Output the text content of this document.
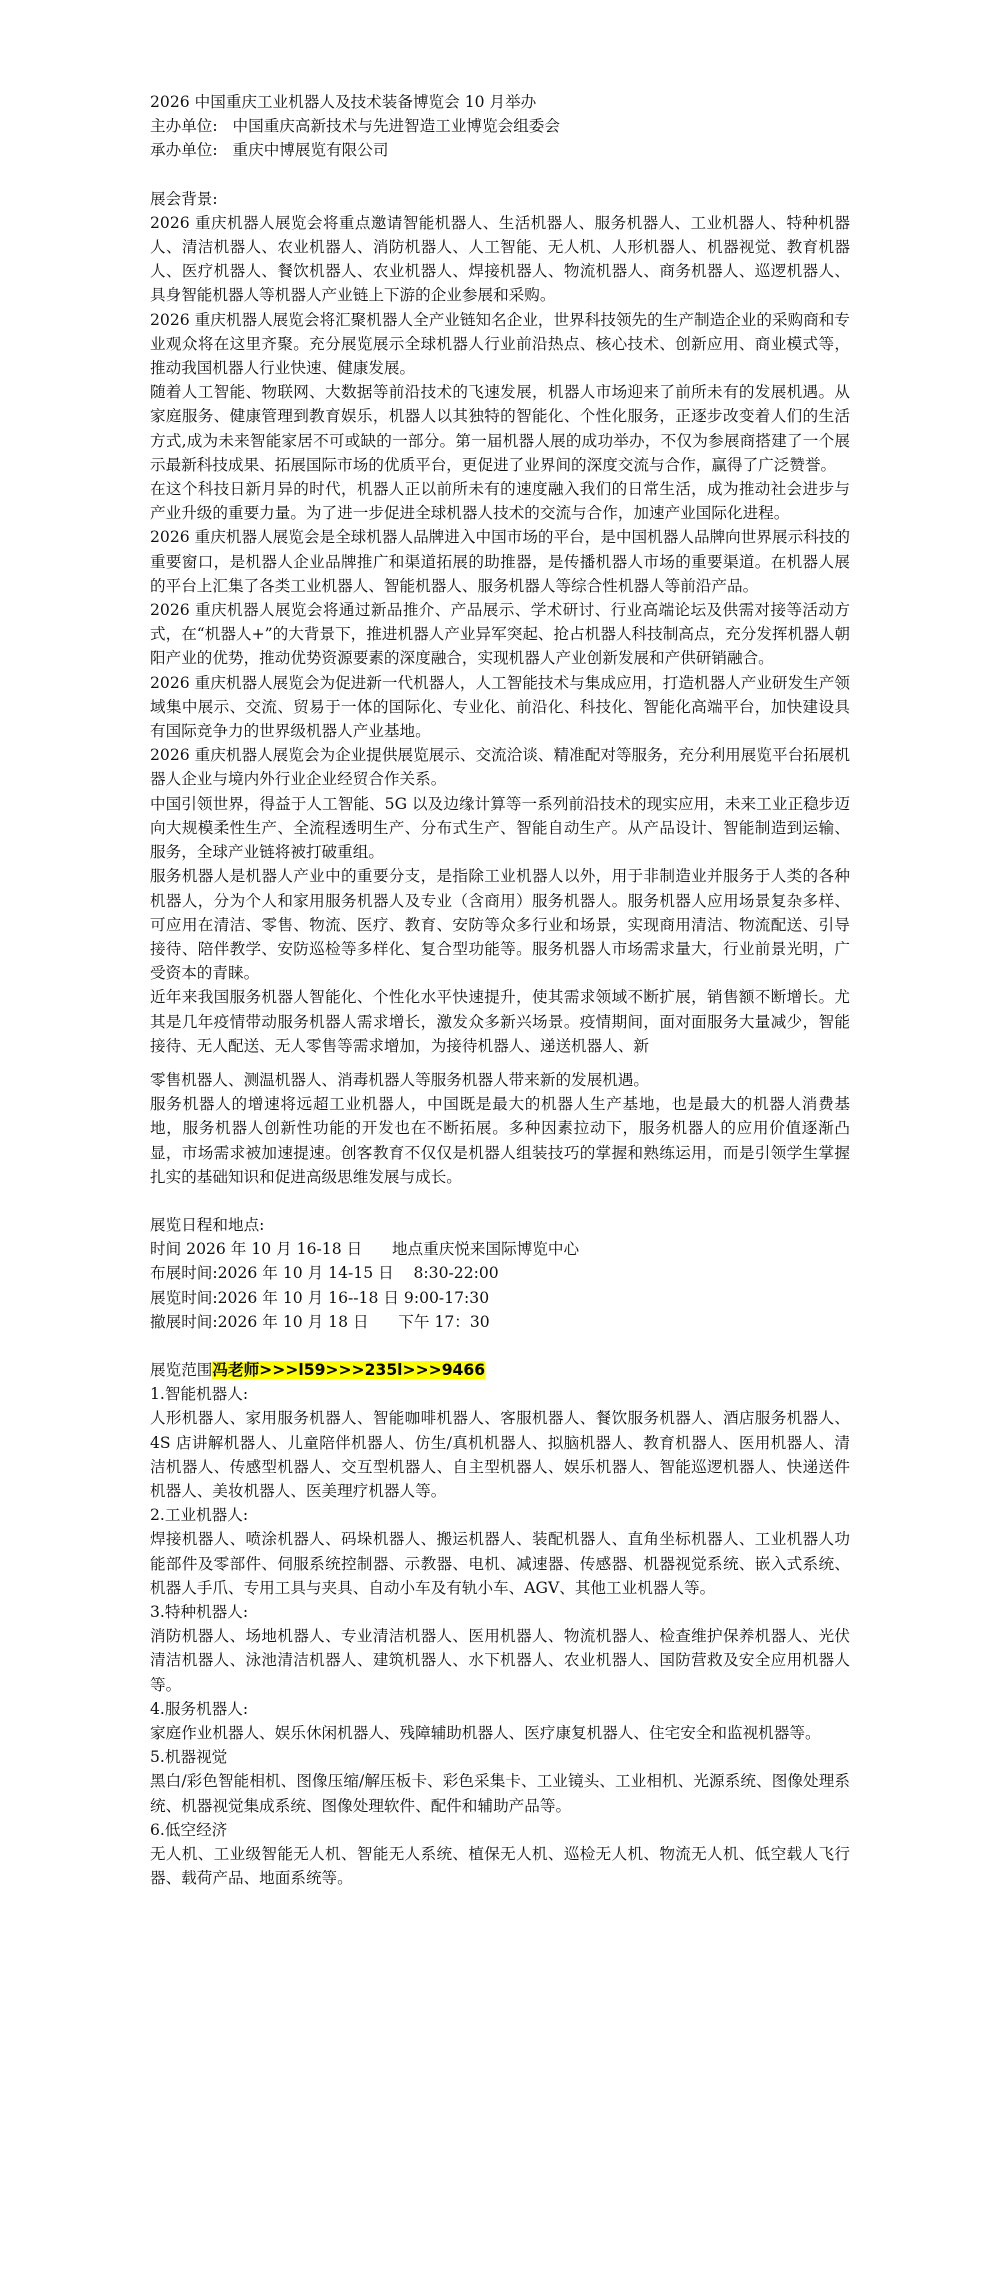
2026 中国重庆工业机器人及技术装备博览会 10 月举办

主办单位: 中国重庆高新技术与先进智造工业博览会组委会

承办单位: 重庆中博展览有限公司

展会背景:

2026 重庆机器人展览会将重点邀请智能机器人、生活机器人、服务机器人、工业机器人、特种机器人、清洁机器人、农业机器人、消防机器人、人工智能、无人机、人形机器人、机器视觉、教育机器人、医疗机器人、餐饮机器人、农业机器人、焊接机器人、物流机器人、商务机器人、巡逻机器人、具身智能机器人等机器人产业链上下游的企业参展和采购。

2026 重庆机器人展览会将汇聚机器人全产业链知名企业，世界科技领先的生产制造企业的采购商和专业观众将在这里齐聚。充分展览展示全球机器人行业前沿热点、核心技术、创新应用、商业模式等，推动我国机器人行业快速、健康发展。

随着人工智能、物联网、大数据等前沿技术的飞速发展，机器人市场迎来了前所未有的发展机遇。从家庭服务、健康管理到教育娱乐，机器人以其独特的智能化、个性化服务，正逐步改变着人们的生活方式,成为未来智能家居不可或缺的一部分。第一届机器人展的成功举办，不仅为参展商搭建了一个展示最新科技成果、拓展国际市场的优质平台，更促进了业界间的深度交流与合作，赢得了广泛赞誉。

在这个科技日新月异的时代，机器人正以前所未有的速度融入我们的日常生活，成为推动社会进步与产业升级的重要力量。为了进一步促进全球机器人技术的交流与合作，加速产业国际化进程。

2026 重庆机器人展览会是全球机器人品牌进入中国市场的平台，是中国机器人品牌向世界展示科技的重要窗口，是机器人企业品牌推广和渠道拓展的助推器，是传播机器人市场的重要渠道。在机器人展的平台上汇集了各类工业机器人、智能机器人、服务机器人等综合性机器人等前沿产品。

2026 重庆机器人展览会将通过新品推介、产品展示、学术研讨、行业高端论坛及供需对接等活动方式，在“机器人+”的大背景下，推进机器人产业异军突起、抢占机器人科技制高点，充分发挥机器人朝阳产业的优势，推动优势资源要素的深度融合，实现机器人产业创新发展和产供研销融合。

2026 重庆机器人展览会为促进新一代机器人，人工智能技术与集成应用，打造机器人产业研发生产领域集中展示、交流、贸易于一体的国际化、专业化、前沿化、科技化、智能化高端平台，加快建设具有国际竞争力的世界级机器人产业基地。

2026 重庆机器人展览会为企业提供展览展示、交流洽谈、精准配对等服务，充分利用展览平台拓展机器人企业与境内外行业企业经贸合作关系。

中国引领世界，得益于人工智能、5G 以及边缘计算等一系列前沿技术的现实应用，未来工业正稳步迈向大规模柔性生产、全流程透明生产、分布式生产、智能自动生产。从产品设计、智能制造到运输、服务，全球产业链将被打破重组。

服务机器人是机器人产业中的重要分支，是指除工业机器人以外，用于非制造业并服务于人类的各种机器人，分为个人和家用服务机器人及专业（含商用）服务机器人。服务机器人应用场景复杂多样、可应用在清洁、零售、物流、医疗、教育、安防等众多行业和场景，实现商用清洁、物流配送、引导接待、陪伴教学、安防巡检等多样化、复合型功能等。服务机器人市场需求量大，行业前景光明，广受资本的青睐。

近年来我国服务机器人智能化、个性化水平快速提升，使其需求领域不断扩展，销售额不断增长。尤其是几年疫情带动服务机器人需求增长，激发众多新兴场景。疫情期间，面对面服务大量减少，智能接待、无人配送、无人零售等需求增加，为接待机器人、递送机器人、新

零售机器人、测温机器人、消毒机器人等服务机器人带来新的发展机遇。

服务机器人的增速将远超工业机器人，中国既是最大的机器人生产基地，也是最大的机器人消费基地，服务机器人创新性功能的开发也在不断拓展。多种因素拉动下，服务机器人的应用价值逐渐凸显，市场需求被加速提速。创客教育不仅仅是机器人组装技巧的掌握和熟练运用，而是引领学生掌握扎实的基础知识和促进高级思维发展与成长。

展览日程和地点:

时间 2026 年 10 月 16-18 日 地点重庆悦来国际博览中心

布展时间:2026 年 10 月 14-15 日    8:30-22:00

展览时间:2026 年 10 月 16--18 日 9:00-17:30

撤展时间:2026 年 10 月 18 日      下午 17：30

展览范围冯老师>>>l59>>>235l>>>9466

1.智能机器人:

人形机器人、家用服务机器人、智能咖啡机器人、客服机器人、餐饮服务机器人、酒店服务机器人、4S 店讲解机器人、儿童陪伴机器人、仿生/真机机器人、拟脑机器人、教育机器人、医用机器人、清洁机器人、传感型机器人、交互型机器人、自主型机器人、娱乐机器人、智能巡逻机器人、快递送件机器人、美妆机器人、医美理疗机器人等。

2.工业机器人:

焊接机器人、喷涂机器人、码垛机器人、搬运机器人、装配机器人、直角坐标机器人、工业机器人功能部件及零部件、伺服系统控制器、示教器、电机、减速器、传感器、机器视觉系统、嵌入式系统、机器人手爪、专用工具与夹具、自动小车及有轨小车、AGV、其他工业机器人等。

3.特种机器人:

消防机器人、场地机器人、专业清洁机器人、医用机器人、物流机器人、检查维护保养机器人、光伏清洁机器人、泳池清洁机器人、建筑机器人、水下机器人、农业机器人、国防营救及安全应用机器人等。

4.服务机器人:

家庭作业机器人、娱乐休闲机器人、残障辅助机器人、医疗康复机器人、住宅安全和监视机器等。

5.机器视觉

黑白/彩色智能相机、图像压缩/解压板卡、彩色采集卡、工业镜头、工业相机、光源系统、图像处理系统、机器视觉集成系统、图像处理软件、配件和辅助产品等。

6.低空经济

无人机、工业级智能无人机、智能无人系统、植保无人机、巡检无人机、物流无人机、低空载人飞行器、载荷产品、地面系统等。
